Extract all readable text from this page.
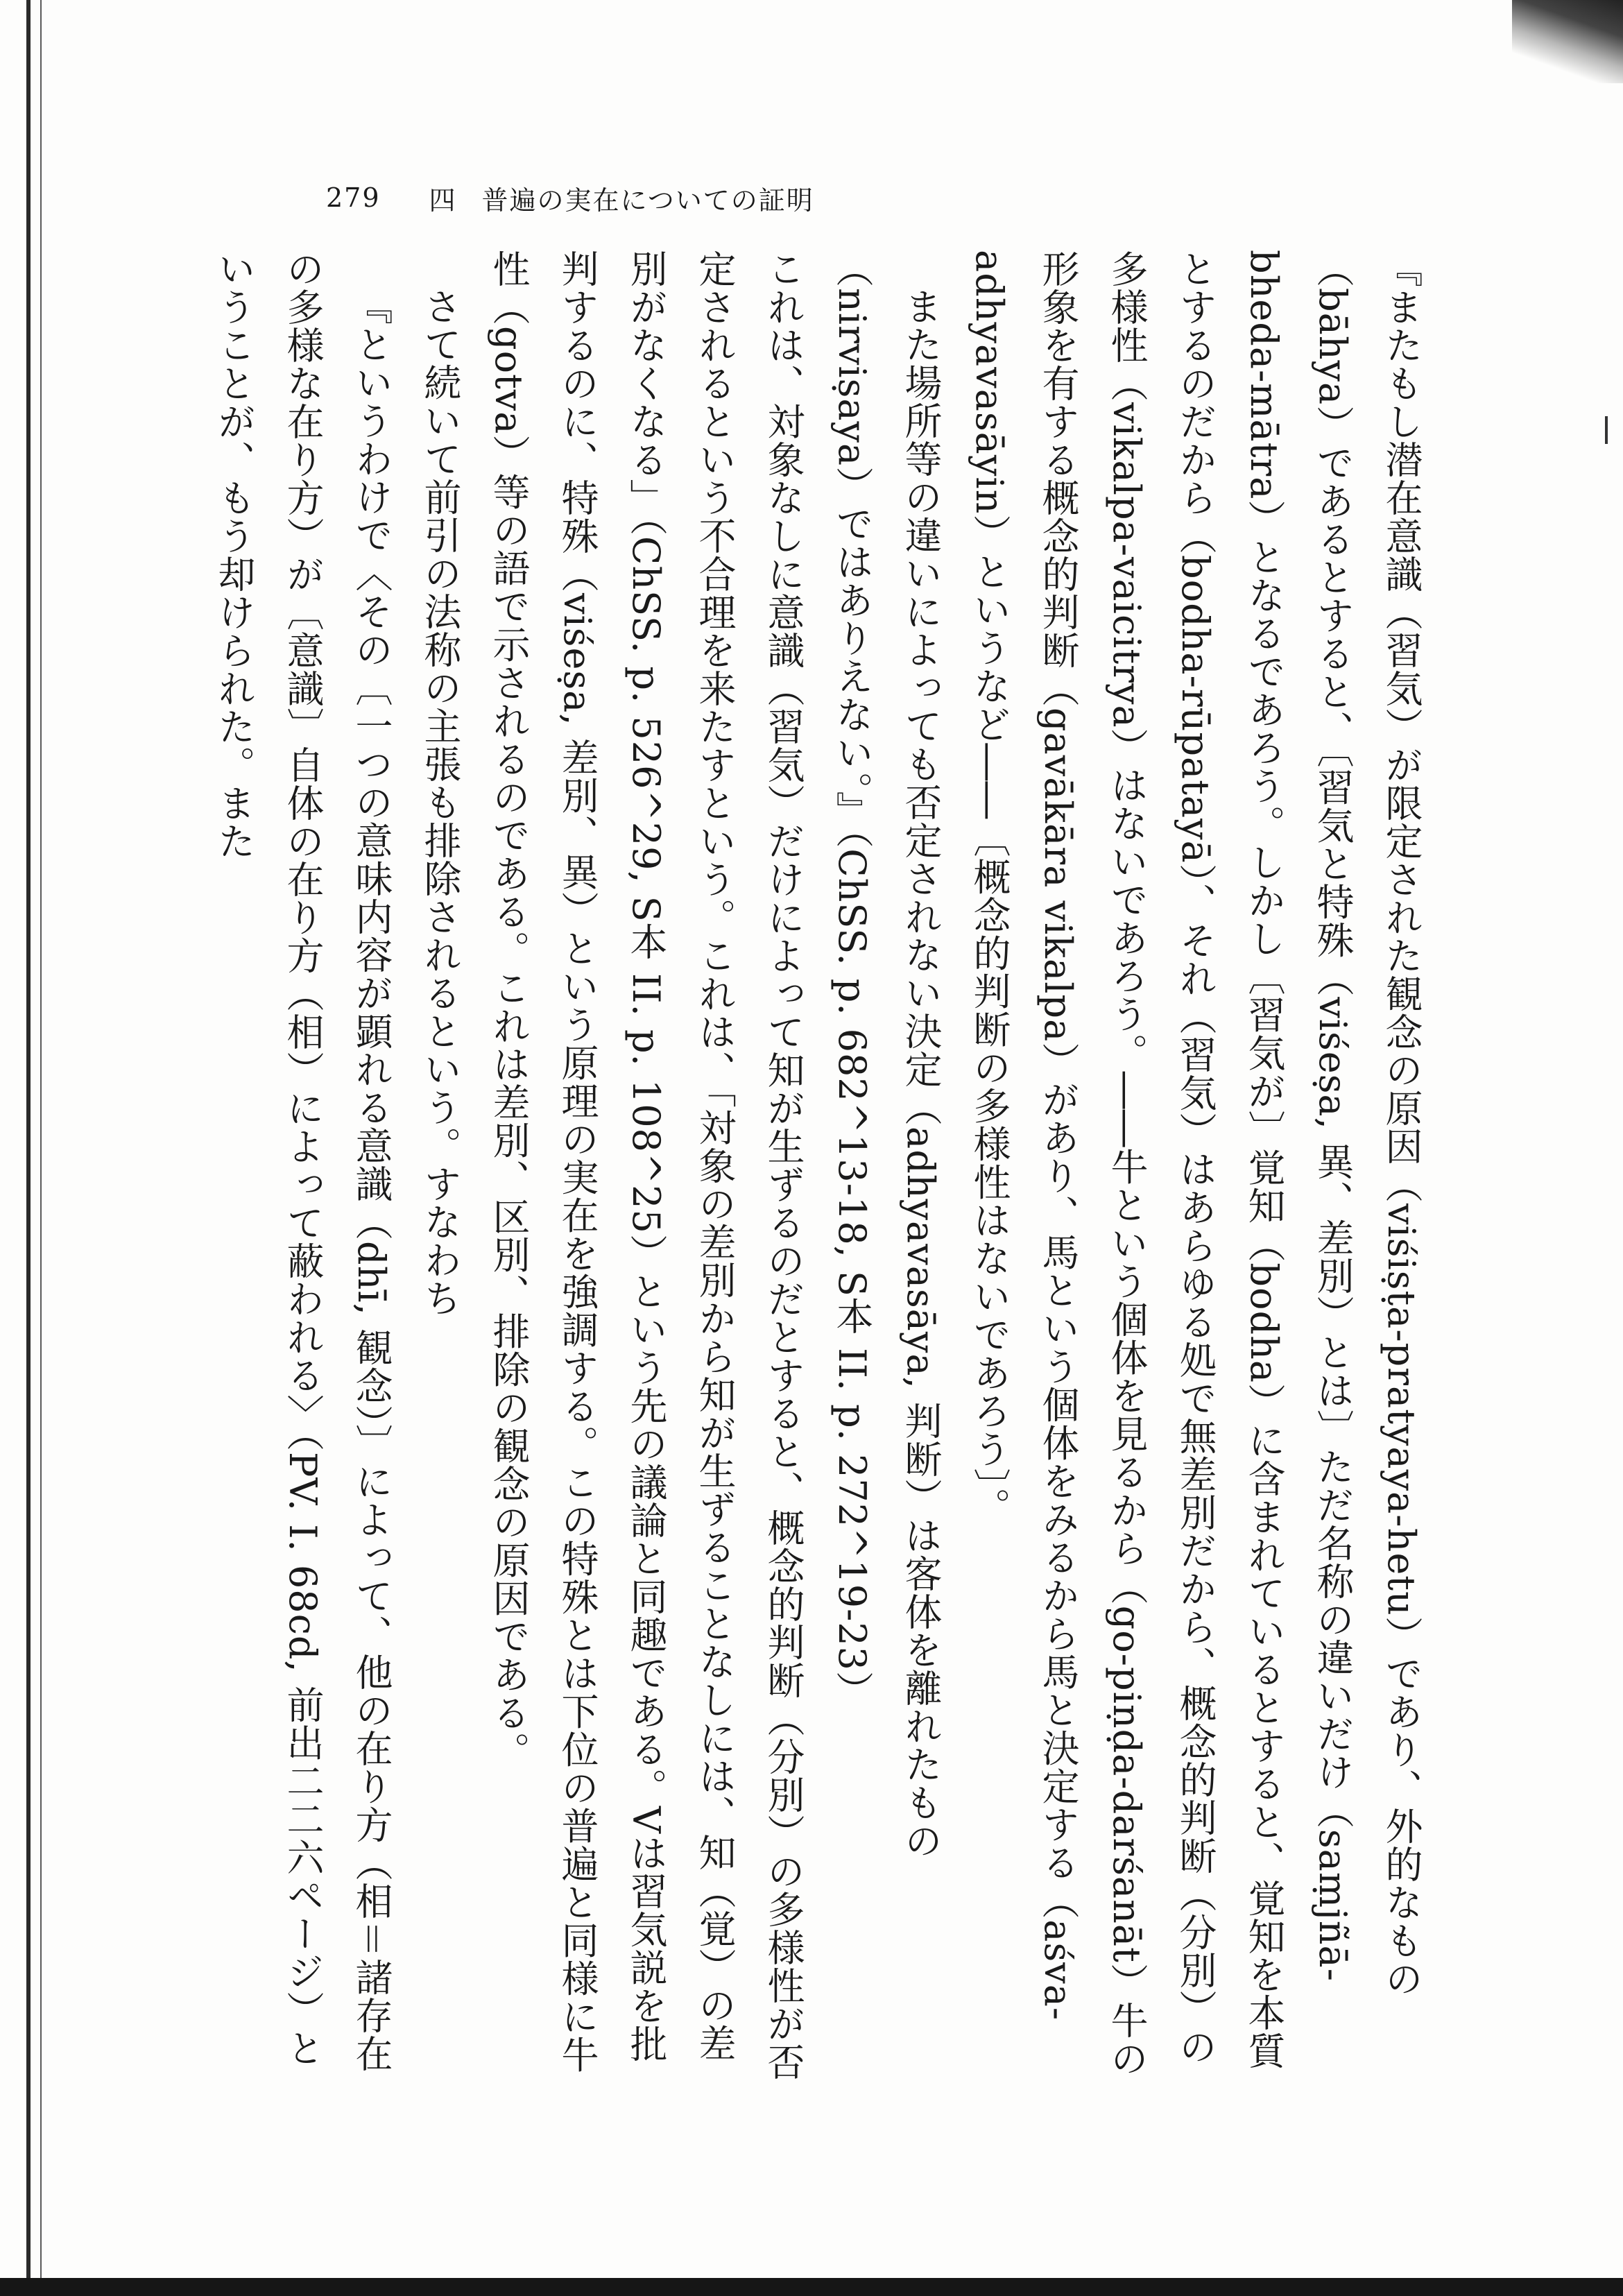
279 四 普遍の実在についての証明

『またもし潜在意識（習気）が限定された観念の原因（viśiṣṭa-pratyaya-hetu）であり、外的なもの（bāhya）であるとすると、〔習気と特殊（viśeṣa, 異、差別）とは〕ただ名称の違いだけ（saṃjñā-bheda-mātra）となるであろう。しかし〔習気が〕覚知（bodha）に含まれているとすると、覚知を本質とするのだから（bodha-rūpatayā）、それ（習気）はあらゆる処で無差別だから、概念的判断（分別）の多様性（vikalpa-vaicitrya）はないであろう。――牛という個体を見るから（go-piṇḍa-darśanāt）牛の形象を有する概念的判断（gavākāra vikalpa）があり、馬という個体をみるから馬と決定する（aśva-adhyavasāyin）というなど――〔概念的判断の多様性はないであろう〕。

また場所等の違いによっても否定されない決定（adhyavasāya, 判断）は客体を離れたもの（nirviṣaya）ではありえない。』（ChSS. p. 682^13-18, S本 II. p. 272^19-23）

これは、対象なしに意識（習気）だけによって知が生ずるのだとすると、概念的判断（分別）の多様性が否定されるという不合理を来たすという。これは、「対象の差別から知が生ずることなしには、知（覚）の差別がなくなる」（ChSS. p. 526^29, S本 II. p. 108^25）という先の議論と同趣である。Vは習気説を批判するのに、特殊（viśeṣa, 差別、異）という原理の実在を強調する。この特殊とは下位の普遍と同様に牛性（gotva）等の語で示されるのである。これは差別、区別、排除の観念の原因である。

さて続いて前引の法称の主張も排除されるという。すなわち

『というわけで〈その〔一つの意味内容が顕れる意識（dhī, 観念）〕によって、他の在り方（相＝諸存在の多様な在り方）が〔意識〕自体の在り方（相）によって蔽われる〉（PV. I. 68cd, 前出二二六ページ）ということが、もう却けられた。また
